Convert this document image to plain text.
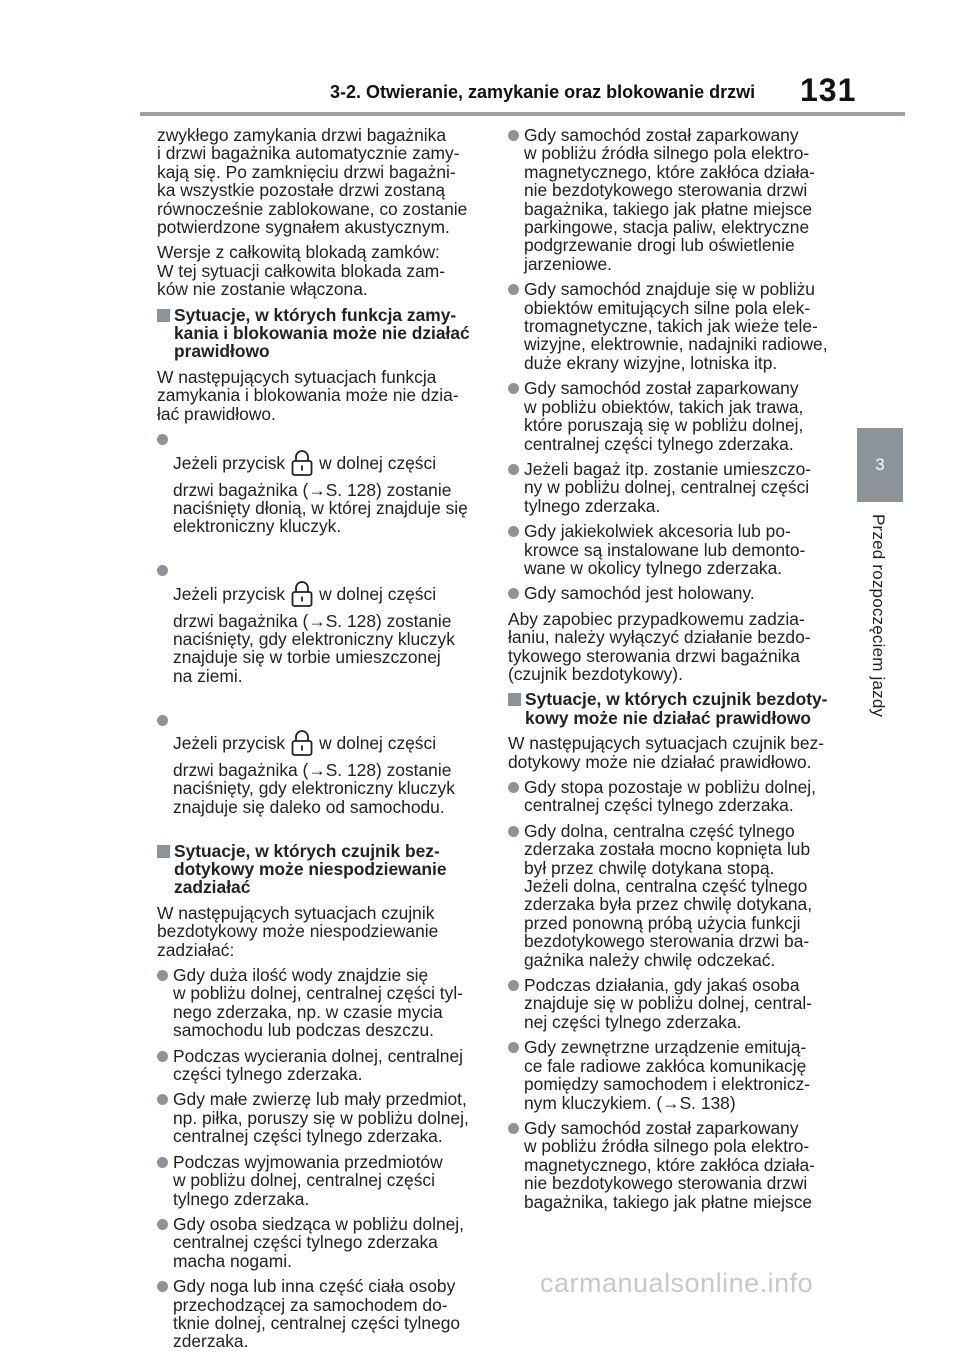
3-2. Otwieranie, zamykanie oraz blokowanie drzwi 131
3
Przed rozpoczęciem jazdy

zwykłego zamykania drzwi bagażnika
i drzwi bagażnika automatycznie zamy-
kają się. Po zamknięciu drzwi bagażni-
ka wszystkie pozostałe drzwi zostaną
równocześnie zablokowane, co zostanie
potwierdzone sygnałem akustycznym.

Wersje z całkowitą blokadą zamków:
W tej sytuacji całkowita blokada zam-
ków nie zostanie włączona.

Sytuacje, w których funkcja zamy-
kania i blokowania może nie działać
prawidłowo

W następujących sytuacjach funkcja
zamykania i blokowania może nie dzia-
łać prawidłowo.

Jeżeli przycisk w dolnej części

drzwi bagażnika (→S. 128) zostanie
naciśnięty dłonią, w której znajduje się
elektroniczny kluczyk.

Jeżeli przycisk w dolnej części

drzwi bagażnika (→S. 128) zostanie
naciśnięty, gdy elektroniczny kluczyk
znajduje się w torbie umieszczonej
na ziemi.

Jeżeli przycisk w dolnej części

drzwi bagażnika (→S. 128) zostanie
naciśnięty, gdy elektroniczny kluczyk
znajduje się daleko od samochodu.

Sytuacje, w których czujnik bez-
dotykowy może niespodziewanie
zadziałać

W następujących sytuacjach czujnik
bezdotykowy może niespodziewanie
zadziałać:

Gdy duża ilość wody znajdzie się
w pobliżu dolnej, centralnej części tyl-
nego zderzaka, np. w czasie mycia
samochodu lub podczas deszczu.
Podczas wycierania dolnej, centralnej
części tylnego zderzaka.
Gdy małe zwierzę lub mały przedmiot,
np. piłka, poruszy się w pobliżu dolnej,
centralnej części tylnego zderzaka.
Podczas wyjmowania przedmiotów
w pobliżu dolnej, centralnej części
tylnego zderzaka.
Gdy osoba siedząca w pobliżu dolnej,
centralnej części tylnego zderzaka
macha nogami.
Gdy noga lub inna część ciała osoby
przechodzącej za samochodem do-
tknie dolnej, centralnej części tylnego
zderzaka.
Gdy samochód został zaparkowany
w pobliżu źródła silnego pola elektro-
magnetycznego, które zakłóca działa-
nie bezdotykowego sterowania drzwi
bagażnika, takiego jak płatne miejsce
parkingowe, stacja paliw, elektryczne
podgrzewanie drogi lub oświetlenie
jarzeniowe.
Gdy samochód znajduje się w pobliżu
obiektów emitujących silne pola elek-
tromagnetyczne, takich jak wieże tele-
wizyjne, elektrownie, nadajniki radiowe,
duże ekrany wizyjne, lotniska itp.
Gdy samochód został zaparkowany
w pobliżu obiektów, takich jak trawa,
które poruszają się w pobliżu dolnej,
centralnej części tylnego zderzaka.
Jeżeli bagaż itp. zostanie umieszczo-
ny w pobliżu dolnej, centralnej części
tylnego zderzaka.
Gdy jakiekolwiek akcesoria lub po-
krowce są instalowane lub demonto-
wane w okolicy tylnego zderzaka.
Gdy samochód jest holowany.

Aby zapobiec przypadkowemu zadzia-
łaniu, należy wyłączyć działanie bezdo-
tykowego sterowania drzwi bagażnika
(czujnik bezdotykowy).

Sytuacje, w których czujnik bezdoty-
kowy może nie działać prawidłowo

W następujących sytuacjach czujnik bez-
dotykowy może nie działać prawidłowo.

Gdy stopa pozostaje w pobliżu dolnej,
centralnej części tylnego zderzaka.
Gdy dolna, centralna część tylnego
zderzaka została mocno kopnięta lub
był przez chwilę dotykana stopą.
Jeżeli dolna, centralna część tylnego
zderzaka była przez chwilę dotykana,
przed ponowną próbą użycia funkcji
bezdotykowego sterowania drzwi ba-
gażnika należy chwilę odczekać.
Podczas działania, gdy jakaś osoba
znajduje się w pobliżu dolnej, central-
nej części tylnego zderzaka.
Gdy zewnętrzne urządzenie emitują-
ce fale radiowe zakłóca komunikację
pomiędzy samochodem i elektronicz-
nym kluczykiem. (→S. 138)
Gdy samochód został zaparkowany
w pobliżu źródła silnego pola elektro-
magnetycznego, które zakłóca działa-
nie bezdotykowego sterowania drzwi
bagażnika, takiego jak płatne miejsce
carmanualsonline.info
